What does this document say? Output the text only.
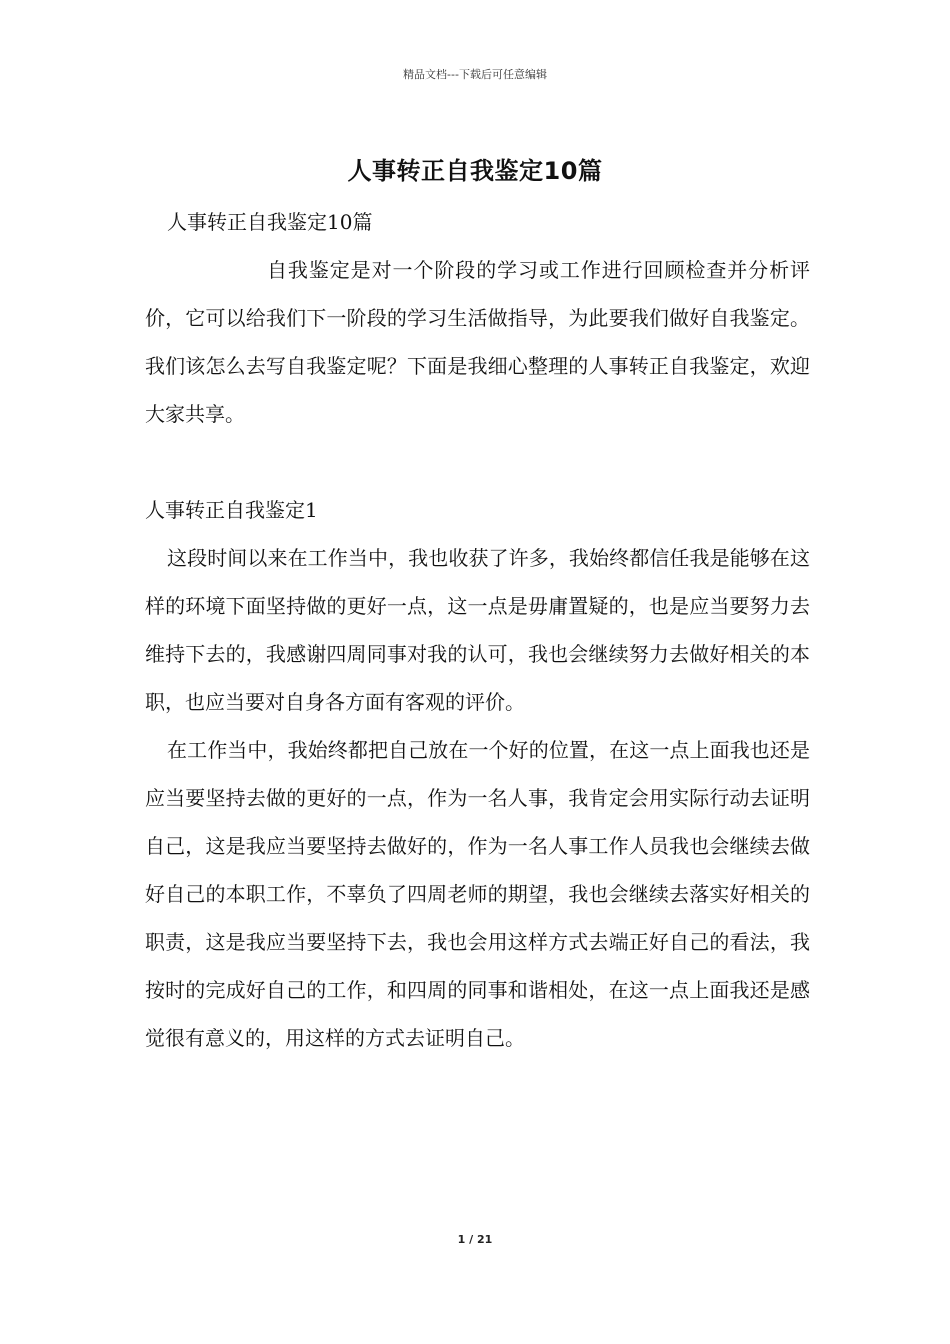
精品文档---下载后可任意编辑
人事转正自我鉴定10篇

人事转正自我鉴定10篇

自我鉴定是对一个阶段的学习或工作进行回顾检查并分析评价，它可以给我们下一阶段的学习生活做指导，为此要我们做好自我鉴定。我们该怎么去写自我鉴定呢？下面是我细心整理的人事转正自我鉴定，欢迎大家共享。

人事转正自我鉴定1

这段时间以来在工作当中，我也收获了许多，我始终都信任我是能够在这样的环境下面坚持做的更好一点，这一点是毋庸置疑的，也是应当要努力去维持下去的，我感谢四周同事对我的认可，我也会继续努力去做好相关的本职，也应当要对自身各方面有客观的评价。

在工作当中，我始终都把自己放在一个好的位置，在这一点上面我也还是应当要坚持去做的更好的一点，作为一名人事，我肯定会用实际行动去证明自己，这是我应当要坚持去做好的，作为一名人事工作人员我也会继续去做好自己的本职工作，不辜负了四周老师的期望，我也会继续去落实好相关的职责，这是我应当要坚持下去，我也会用这样方式去端正好自己的看法，我按时的完成好自己的工作，和四周的同事和谐相处，在这一点上面我还是感觉很有意义的，用这样的方式去证明自己。

1 / 21
